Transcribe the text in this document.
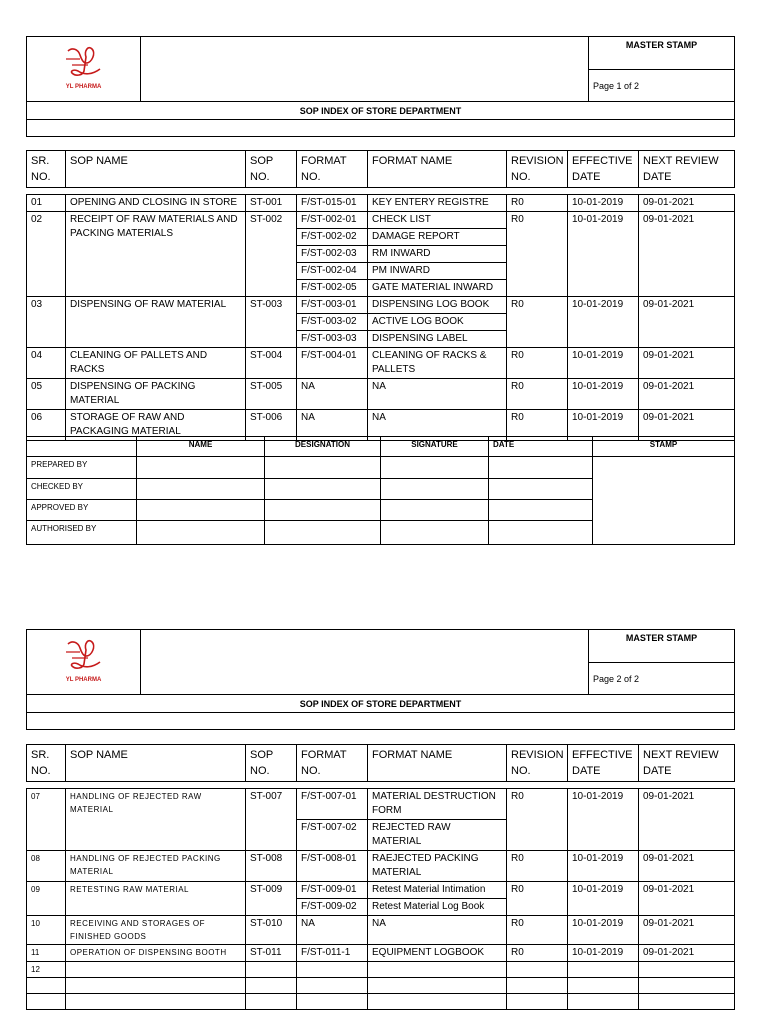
YL PHARMA
		MASTER STAMP
Page 1 of 2
SOP INDEX OF STORE DEPARTMENT

SR. NO.	SOP NAME	SOP NO.	FORMAT NO.	FORMAT NAME	REVISION NO.	EFFECTIVE DATE	NEXT REVIEW DATE
01	OPENING AND CLOSING IN STORE	ST-001	F/ST-015-01	KEY ENTERY REGISTRE	R0	10-01-2019	09-01-2021
02	RECEIPT OF RAW MATERIALS AND PACKING MATERIALS	ST-002	F/ST-002-01	CHECK LIST	R0	10-01-2019	09-01-2021
			F/ST-002-02	DAMAGE REPORT			
			F/ST-002-03	RM INWARD			
			F/ST-002-04	PM INWARD			
			F/ST-002-05	GATE MATERIAL INWARD			
03	DISPENSING OF RAW MATERIAL	ST-003	F/ST-003-01	DISPENSING LOG BOOK	R0	10-01-2019	09-01-2021
			F/ST-003-02	ACTIVE LOG BOOK			
			F/ST-003-03	DISPENSING LABEL			
04	CLEANING OF PALLETS AND RACKS	ST-004	F/ST-004-01	CLEANING OF RACKS & PALLETS	R0	10-01-2019	09-01-2021
05	DISPENSING OF PACKING MATERIAL	ST-005	NA	NA	R0	10-01-2019	09-01-2021
06	STORAGE OF RAW AND PACKAGING MATERIAL	ST-006	NA	NA	R0	10-01-2019	09-01-2021
	NAME	DESIGNATION	SIGNATURE	DATE	STAMP
PREPARED BY					
CHECKED BY					
APPROVED BY					
AUTHORISED BY					
YL PHARMA
		MASTER STAMP
Page 2 of 2
SOP INDEX OF STORE DEPARTMENT

SR. NO.	SOP NAME	SOP NO.	FORMAT NO.	FORMAT NAME	REVISION NO.	EFFECTIVE DATE	NEXT REVIEW DATE
07	HANDLING OF REJECTED RAW MATERIAL	ST-007	F/ST-007-01	MATERIAL DESTRUCTION FORM	R0	10-01-2019	09-01-2021
			F/ST-007-02	REJECTED RAW MATERIAL			
08	HANDLING OF REJECTED PACKING MATERIAL	ST-008	F/ST-008-01	RAEJECTED PACKING MATERIAL	R0	10-01-2019	09-01-2021
09	RETESTING RAW MATERIAL	ST-009	F/ST-009-01	Retest Material Intimation	R0	10-01-2019	09-01-2021
			F/ST-009-02	Retest Material Log Book			
10	RECEIVING AND STORAGES OF FINISHED GOODS	ST-010	NA	NA	R0	10-01-2019	09-01-2021
11	OPERATION OF DISPENSING BOOTH	ST-011	F/ST-011-1	EQUIPMENT LOGBOOK	R0	10-01-2019	09-01-2021
12							
